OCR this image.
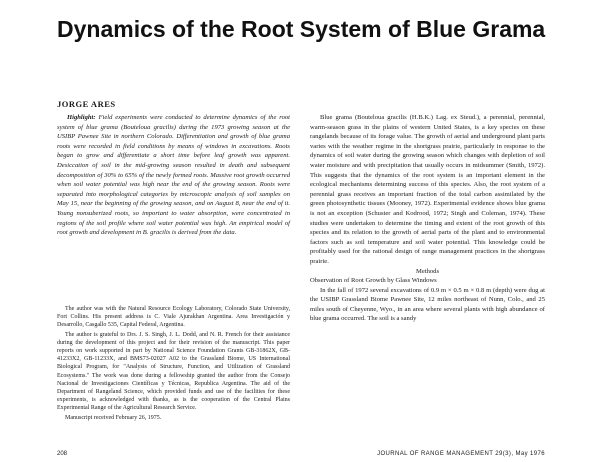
Dynamics of the Root System of Blue Grama
JORGE ARES

Highlight: Field experiments were conducted to determine dynamics of the root system of blue grama (Bouteloua gracilis) during the 1973 growing season at the USIBP Pawnee Site in northern Colorado. Differentiation and growth of blue grama roots were recorded in field conditions by means of windows in excavations. Roots began to grow and differentiate a short time before leaf growth was apparent. Desiccation of soil in the mid-growing season resulted in death and subsequent decomposition of 30% to 65% of the newly formed roots. Massive root growth occurred when soil water potential was high near the end of the growing season. Roots were separated into morphological categories by microscopic analysis of soil samples on May 15, near the beginning of the growing season, and on August 8, near the end of it. Young nonsuberized roots, so important to water absorption, were concentrated in regions of the soil profile where soil water potential was high. An empirical model of root growth and development in B. gracilis is derived from the data.

The author was with the Natural Resource Ecology Laboratory, Colorado State University, Fort Collins. His present address is C. Viale Ajurakhan Argentina. Area Investigación y Desarrollo, Casgallo 535, Capital Federal, Argentina.

The author is grateful to Drs. J. S. Singh, J. L. Dodd, and N. R. French for their assistance during the development of this project and for their revision of the manuscript. This paper reports on work supported in part by National Science Foundation Grants GB-31862X, GB-41233X2, GB-11233X, and BMS73-02027 A02 to the Grassland Biome, US International Biological Program, for "Analysis of Structure, Function, and Utilization of Grassland Ecosystems." The work was done during a fellowship granted the author from the Consejo Nacional de Investigaciones Científicas y Técnicas, Republica Argentina. The aid of the Department of Rangeland Science, which provided funds and use of the facilities for these experiments, is acknowledged with thanks, as is the cooperation of the Central Plains Experimental Range of the Agricultural Research Service.

Manuscript received February 26, 1975.

Blue grama (Bouteloua gracilis (H.B.K.) Lag. ex Steud.), a perennial, perennial, warm-season grass in the plains of western United States, is a key species on these rangelands because of its forage value. The growth of aerial and underground plant parts varies with the weather regime in the shortgrass prairie, particularly in response to the dynamics of soil water during the growing season which changes with depletion of soil water moisture and with precipitation that usually occurs in midsummer (Smith, 1972). This suggests that the dynamics of the root system is an important element in the ecological mechanisms determining success of this species. Also, the root system of a perennial grass receives an important fraction of the total carbon assimilated by the green photosynthetic tissues (Mooney, 1972). Experimental evidence shows blue grama is not an exception (Schuster and Kodrood, 1972; Singh and Coleman, 1974). These studies were undertaken to determine the timing and extent of the root growth of this species and its relation to the growth of aerial parts of the plant and to environmental factors such as soil temperature and soil water potential. This knowledge could be profitably used for the rational design of range management practices in the shortgrass prairie.

Methods

Observation of Root Growth by Glass Windows

In the fall of 1972 several excavations of 0.9 m × 0.5 m × 0.8 m (depth) were dug at the USIBP Grassland Biome Pawnee Site, 12 miles northeast of Nunn, Colo., and 25 miles south of Cheyenne, Wyo., in an area where several plants with high abundance of blue grama occurred. The soil is a sandy

208	JOURNAL OF RANGE MANAGEMENT 29(3), May 1976
